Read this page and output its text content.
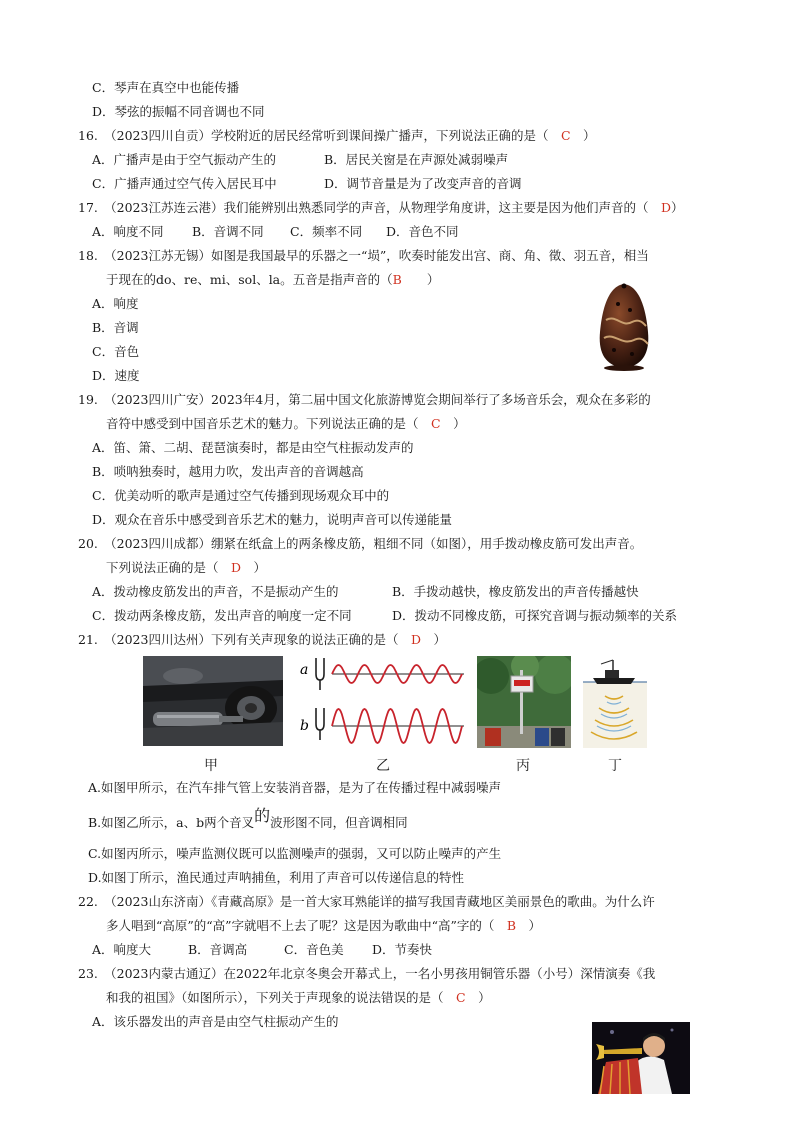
C．琴声在真空中也能传播
D．琴弦的振幅不同音调也不同
16.　（2023四川自贡）学校附近的居民经常听到课间操广播声，下列说法正确的是（　C　）
A．广播声是由于空气振动产生的	B．居民关窗是在声源处减弱噪声
C．广播声通过空气传入居民耳中	D．调节音量是为了改变声音的音调
17.　（2023江苏连云港）我们能辨别出熟悉同学的声音，从物理学角度讲，这主要是因为他们声音的（　D）
A．响度不同 B．音调不同 C．频率不同 D．音色不同
18.　（2023江苏无锡）如图是我国最早的乐器之一“埙”，吹奏时能发出宫、商、角、徵、羽五音，相当
于现在的do、re、mi、sol、la。五音是指声音的（B　　）
A．响度
B．音调
C．音色
D．速度
19.　（2023四川广安）2023年4月，第二届中国文化旅游博览会期间举行了多场音乐会，观众在多彩的
音符中感受到中国音乐艺术的魅力。下列说法正确的是（　C　）
A．笛、箫、二胡、琵琶演奏时，都是由空气柱振动发声的
B．唢呐独奏时，越用力吹，发出声音的音调越高
C．优美动听的歌声是通过空气传播到现场观众耳中的
D．观众在音乐中感受到音乐艺术的魅力，说明声音可以传递能量
20.　（2023四川成都）绷紧在纸盒上的两条橡皮筋，粗细不同（如图），用手拨动橡皮筋可发出声音。
下列说法正确的是（　D　）
A．拨动橡皮筋发出的声音，不是振动产生的	B．手拨动越快，橡皮筋发出的声音传播越快
C．拨动两条橡皮筋，发出声音的响度一定不同	D．拨动不同橡皮筋，可探究音调与振动频率的关系
21.　（2023四川达州）下列有关声现象的说法正确的是（　D　）
a
b
甲	乙	丙	丁
A.如图甲所示，在汽车排气管上安装消音器，是为了在传播过程中减弱噪声
B.如图乙所示，a、b两个音叉的波形图不同，但音调相同
C.如图丙所示，噪声监测仪既可以监测噪声的强弱，又可以防止噪声的产生
D.如图丁所示，渔民通过声呐捕鱼，利用了声音可以传递信息的特性
22.　（2023山东济南）《青藏高原》是一首大家耳熟能详的描写我国青藏地区美丽景色的歌曲。为什么许
多人唱到“高原”的“高”字就唱不上去了呢？这是因为歌曲中“高”字的（　B　）
A．响度大	B．音调高	C．音色美 D．节奏快
23.　（2023内蒙古通辽）在2022年北京冬奥会开幕式上，一名小男孩用铜管乐器（小号）深情演奏《我
和我的祖国》（如图所示），下列关于声现象的说法错误的是（　C　）
A．该乐器发出的声音是由空气柱振动产生的
